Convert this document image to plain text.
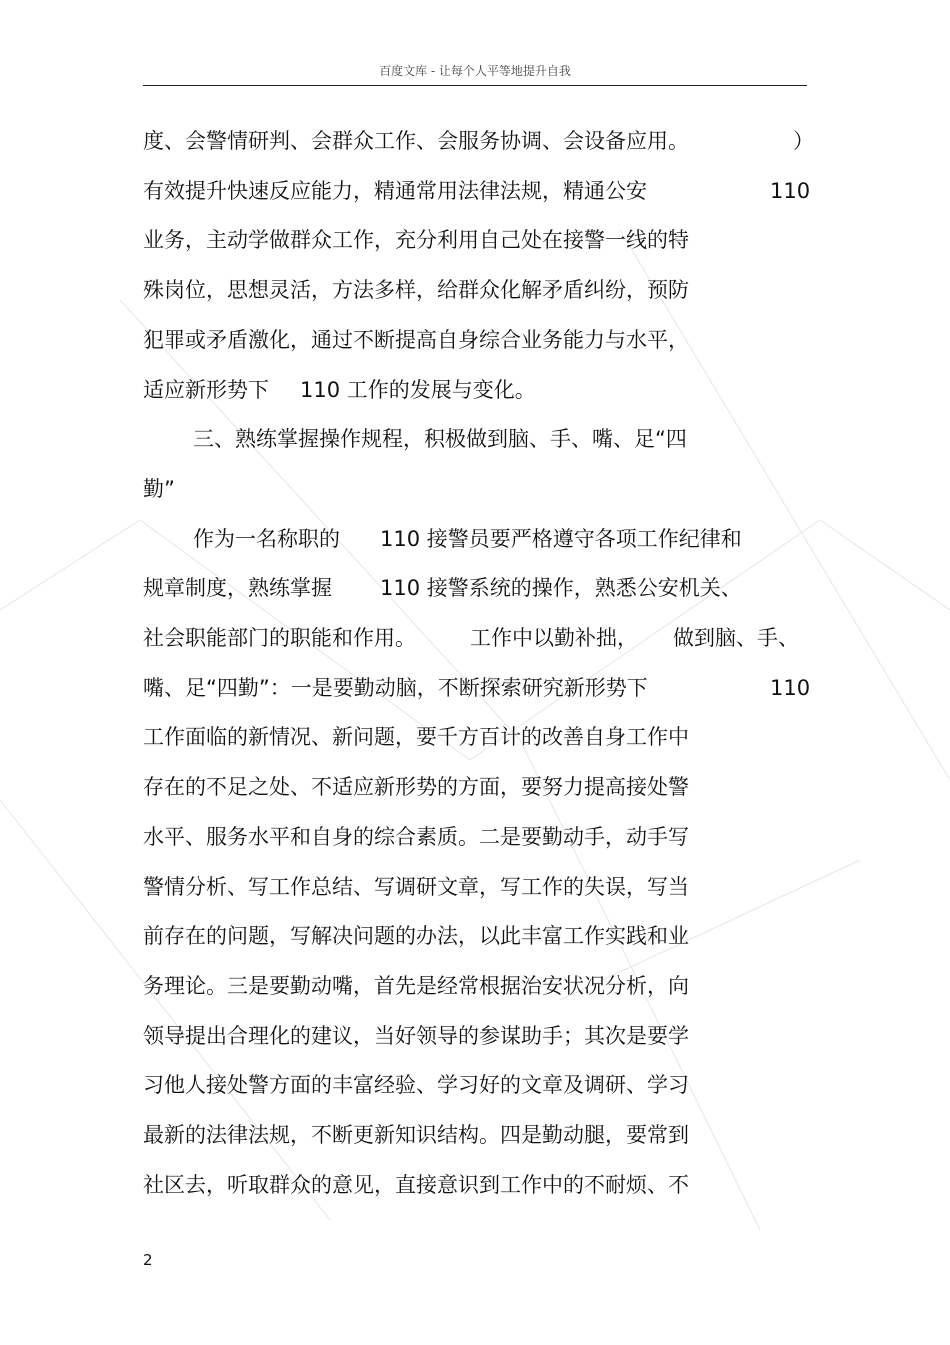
百度文库 - 让每个人平等地提升自我
度、会警情研判、会群众工作、会服务协调、会设备应用。	）
有效提升快速反应能力，精通常用法律法规，精通公安	110
业务，主动学做群众工作，充分利用自己处在接警一线的特
殊岗位，思想灵活，方法多样，给群众化解矛盾纠纷，预防
犯罪或矛盾激化，通过不断提高自身综合业务能力与水平，
适应新形势下 110 工作的发展与变化。
三、熟练掌握操作规程，积极做到脑、手、嘴、足“四
勤”
作为一名称职的 110 接警员要严格遵守各项工作纪律和
规章制度，熟练掌握 110 接警系统的操作，熟悉公安机关、
社会职能部门的职能和作用。	工作中以勤补拙， 做到脑、手、
嘴、足“四勤”：一是要勤动脑，不断探索研究新形势下	110
工作面临的新情况、新问题，要千方百计的改善自身工作中
存在的不足之处、不适应新形势的方面，要努力提高接处警
水平、服务水平和自身的综合素质。二是要勤动手，动手写
警情分析、写工作总结、写调研文章，写工作的失误，写当
前存在的问题，写解决问题的办法，以此丰富工作实践和业
务理论。三是要勤动嘴，首先是经常根据治安状况分析，向
领导提出合理化的建议，当好领导的参谋助手；其次是要学
习他人接处警方面的丰富经验、学习好的文章及调研、学习
最新的法律法规，不断更新知识结构。四是勤动腿，要常到
社区去，听取群众的意见，直接意识到工作中的不耐烦、不
2
